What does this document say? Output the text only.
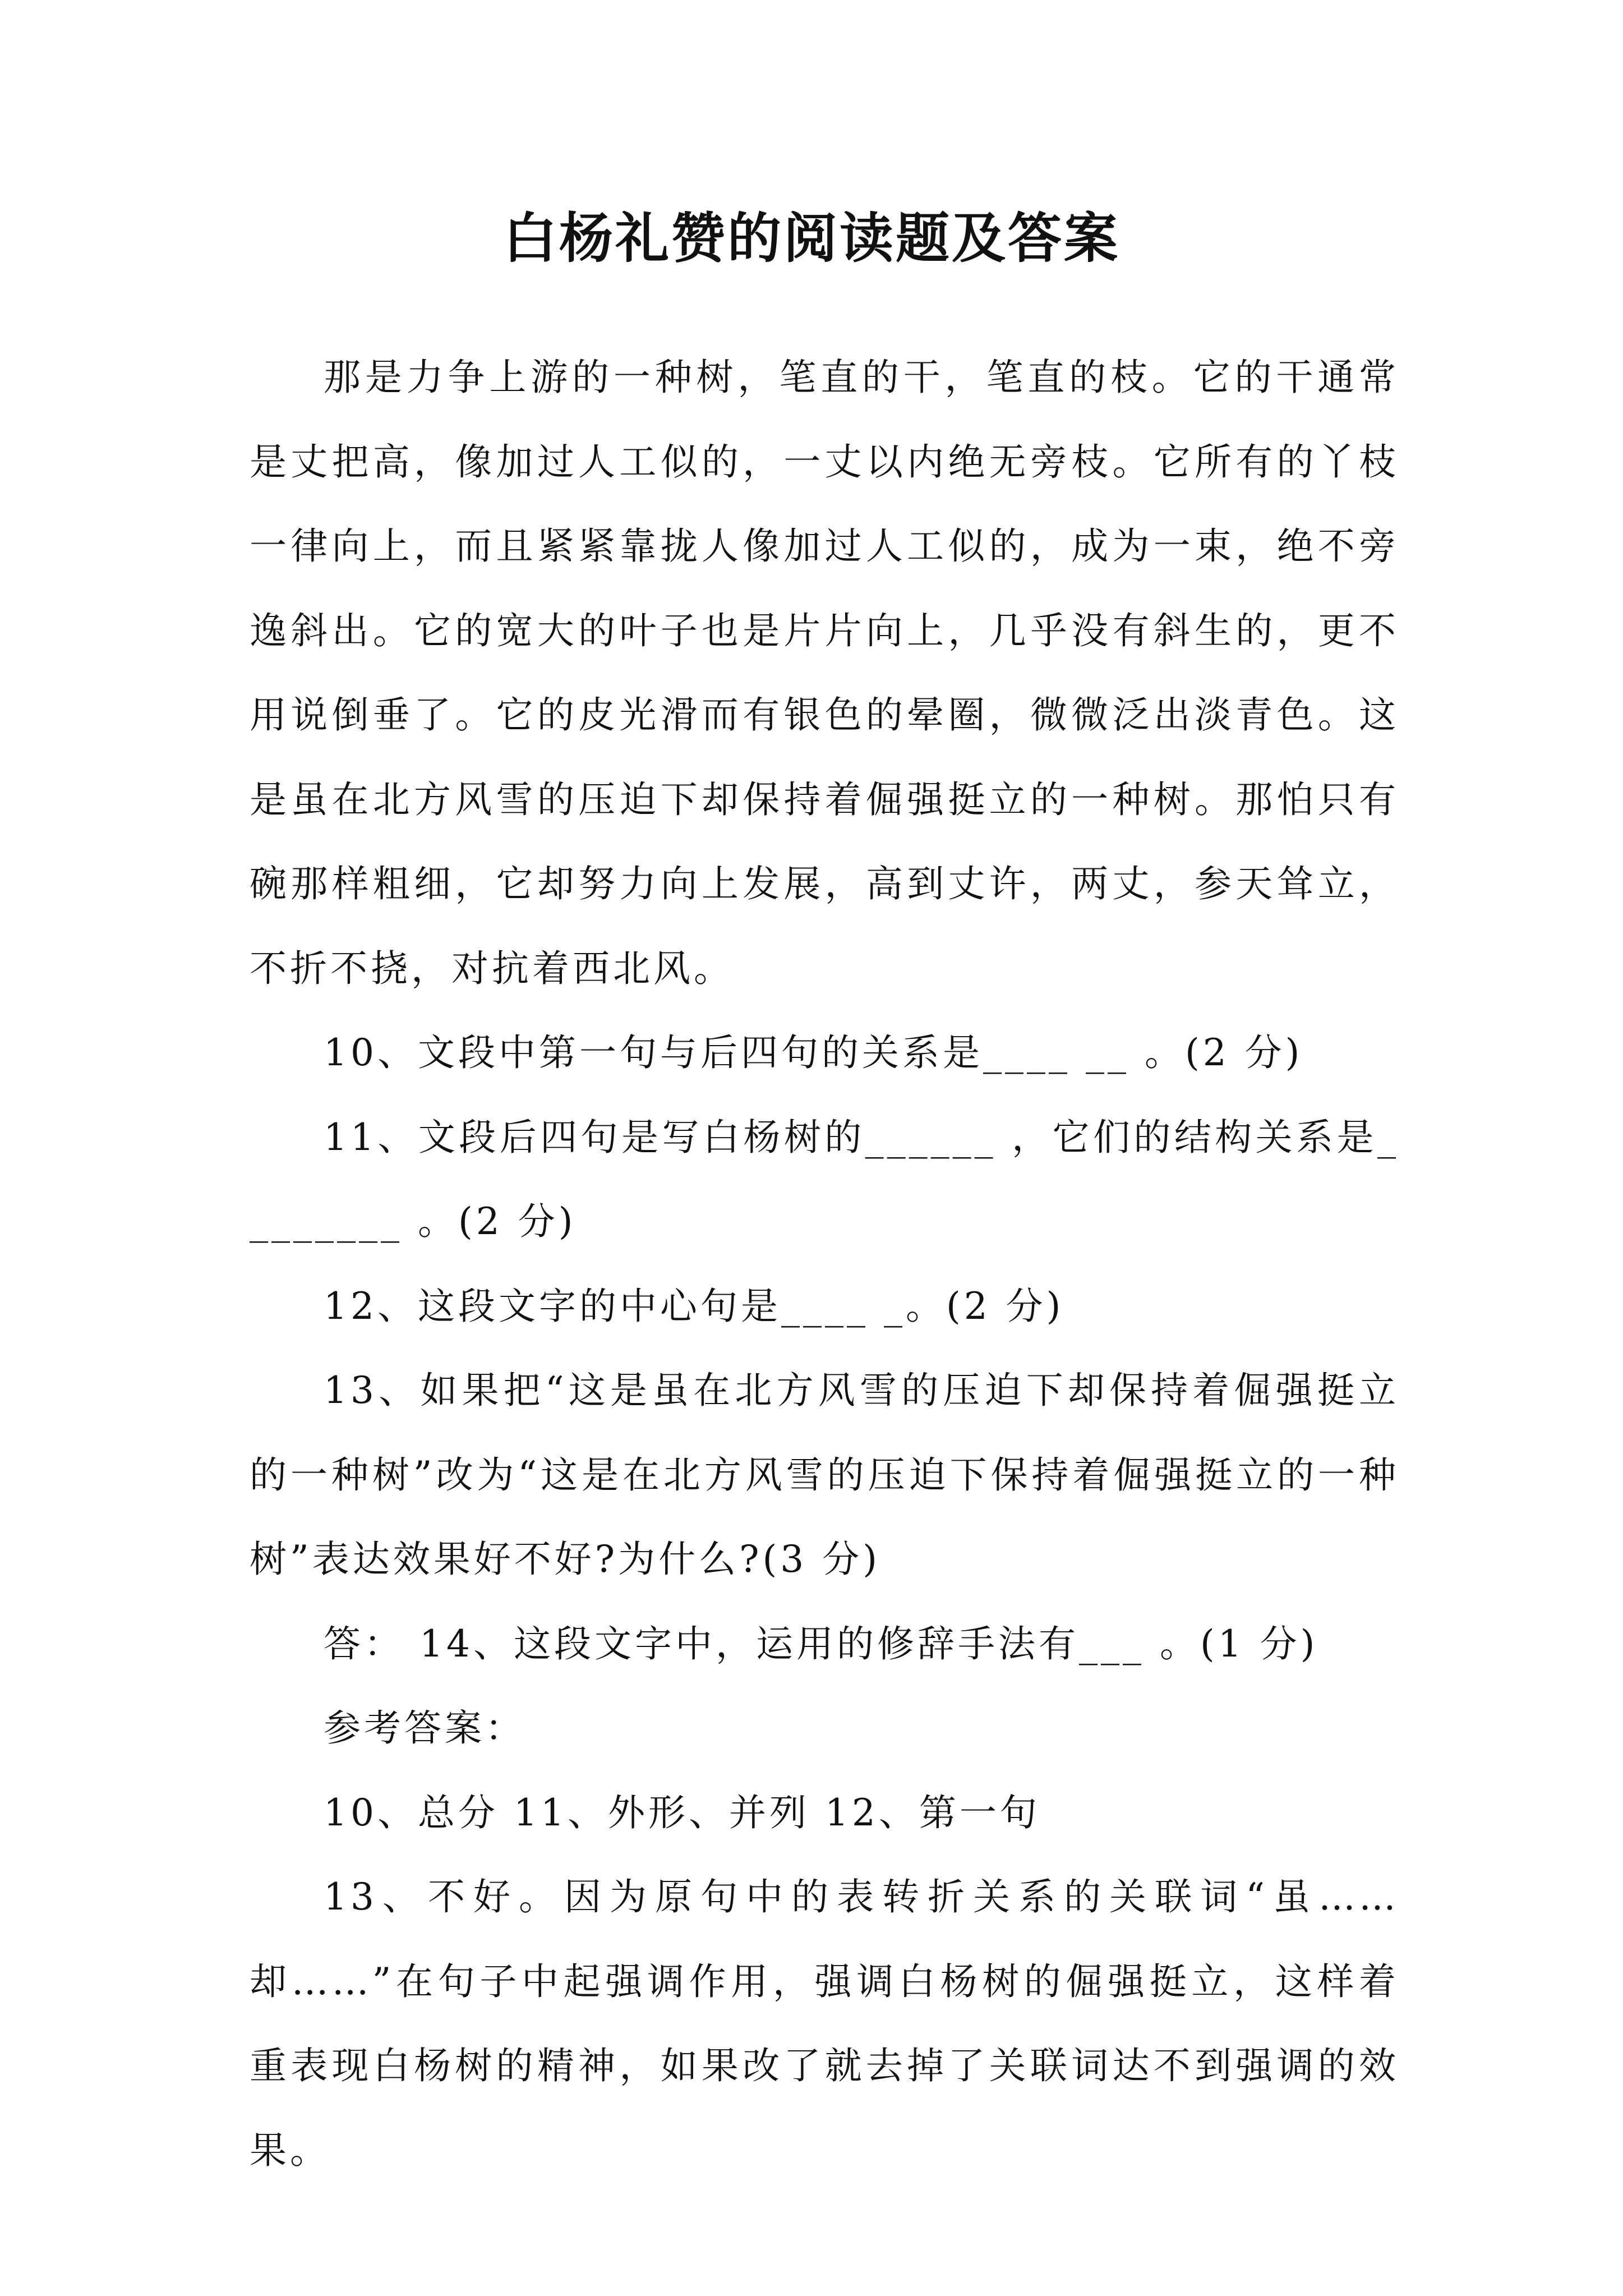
白杨礼赞的阅读题及答案

那是力争上游的一种树，笔直的干，笔直的枝。它的干通常是丈把高，像加过人工似的，一丈以内绝无旁枝。它所有的丫枝一律向上，而且紧紧靠拢人像加过人工似的，成为一束，绝不旁逸斜出。它的宽大的叶子也是片片向上，几乎没有斜生的，更不用说倒垂了。它的皮光滑而有银色的晕圈，微微泛出淡青色。这是虽在北方风雪的压迫下却保持着倔强挺立的一种树。那怕只有碗那样粗细，它却努力向上发展，高到丈许，两丈，参天耸立，不折不挠，对抗着西北风。

10、文段中第一句与后四句的关系是____ __ 。(2 分)

11、文段后四句是写白杨树的______ ，它们的结构关系是________ 。(2 分)

12、这段文字的中心句是____ _。(2 分)

13、如果把“这是虽在北方风雪的压迫下却保持着倔强挺立的一种树”改为“这是在北方风雪的压迫下保持着倔强挺立的一种树”表达效果好不好?为什么?(3 分)

答： 14、这段文字中，运用的修辞手法有___ 。(1 分)

参考答案：

10、总分 11、外形、并列 12、第一句

13、不好。因为原句中的表转折关系的关联词“虽……却……”在句子中起强调作用，强调白杨树的倔强挺立，这样着重表现白杨树的精神，如果改了就去掉了关联词达不到强调的效果。
